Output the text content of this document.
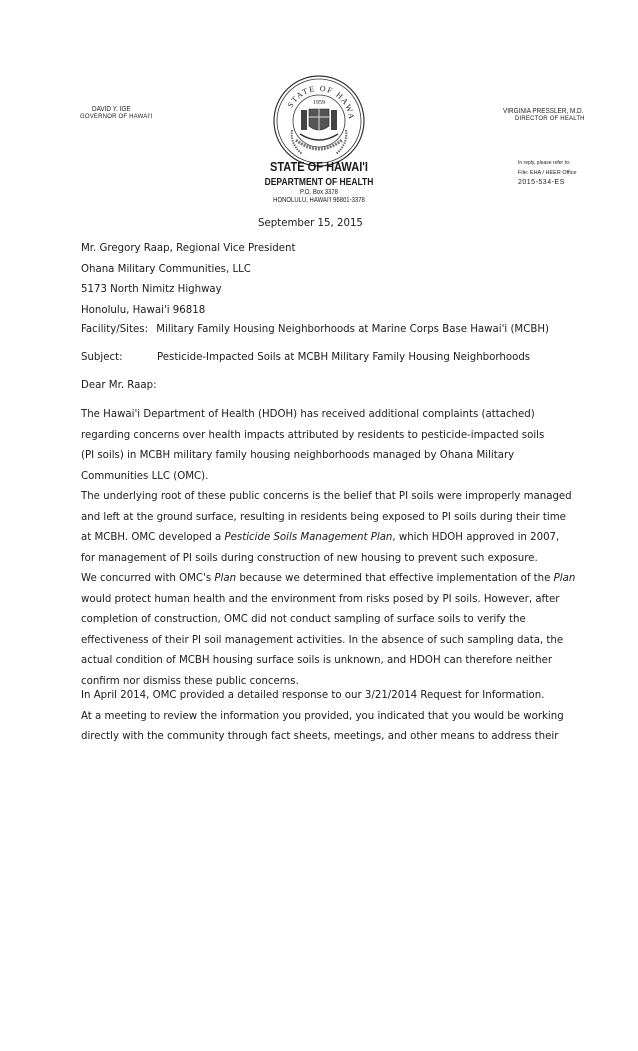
DAVID Y. IGE
GOVERNOR OF HAWAI'I
STATE OF HAWA
1959
VIRGINIA PRESSLER, M.D.
DIRECTOR OF HEALTH
STATE OF HAWAI'I
DEPARTMENT OF HEALTH
P.O. Box 3378
HONOLULU, HAWAI'I 96801-3378
In reply, please refer to:
File: EHA / HEER Office
2015-534-ES
September 15, 2015
Mr. Gregory Raap, Regional Vice President
Ohana Military Communities, LLC
5173 North Nimitz Highway
Honolulu, Hawai'i 96818
Facility/Sites: Military Family Housing Neighborhoods at Marine Corps Base Hawai'i (MCBH)
Subject:	Pesticide-Impacted Soils at MCBH Military Family Housing Neighborhoods
Dear Mr. Raap:
The Hawai'i Department of Health (HDOH) has received additional complaints (attached)
regarding concerns over health impacts attributed by residents to pesticide-impacted soils
(PI soils) in MCBH military family housing neighborhoods managed by Ohana Military
Communities LLC (OMC).
The underlying root of these public concerns is the belief that PI soils were improperly managed
and left at the ground surface, resulting in residents being exposed to PI soils during their time
at MCBH. OMC developed a Pesticide Soils Management Plan, which HDOH approved in 2007,
for management of PI soils during construction of new housing to prevent such exposure.
We concurred with OMC's Plan because we determined that effective implementation of the Plan
would protect human health and the environment from risks posed by PI soils. However, after
completion of construction, OMC did not conduct sampling of surface soils to verify the
effectiveness of their PI soil management activities. In the absence of such sampling data, the
actual condition of MCBH housing surface soils is unknown, and HDOH can therefore neither
confirm nor dismiss these public concerns.
In April 2014, OMC provided a detailed response to our 3/21/2014 Request for Information.
At a meeting to review the information you provided, you indicated that you would be working
directly with the community through fact sheets, meetings, and other means to address their
